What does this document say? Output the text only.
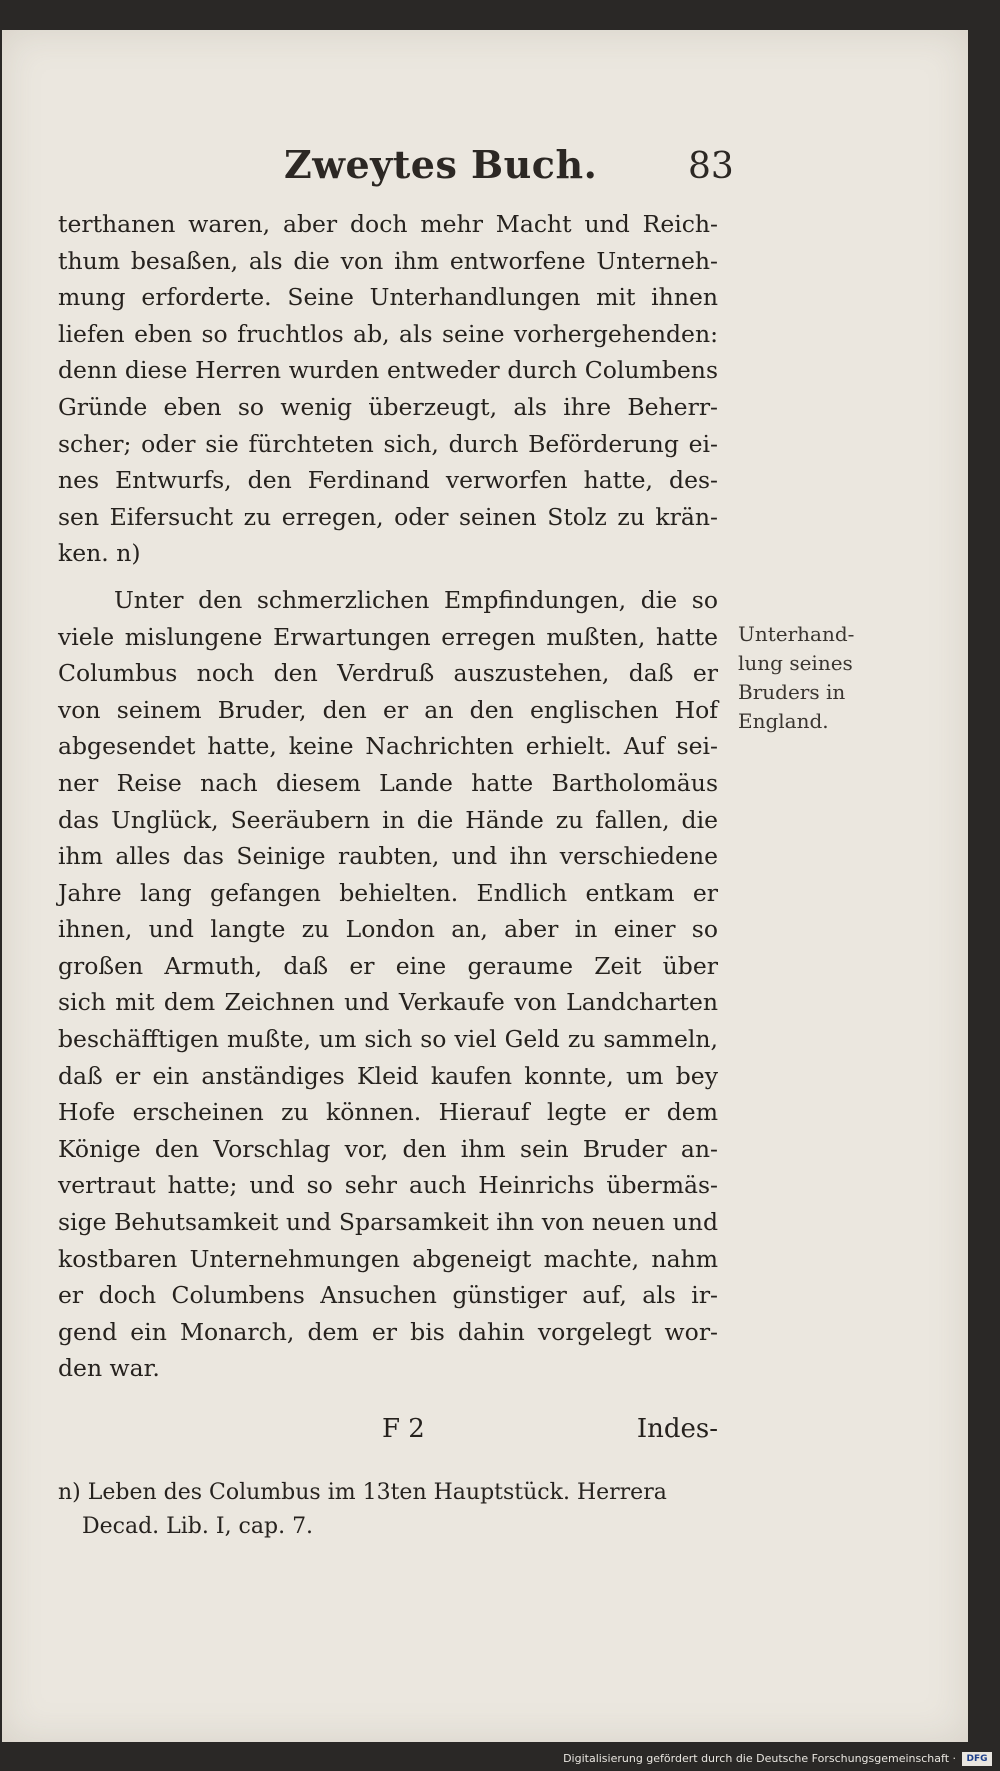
Zweytes Buch.	83
terthanen waren, aber doch mehr Macht und Reich-
thum besaßen, als die von ihm entworfene Unterneh-
mung erforderte. Seine Unterhandlungen mit ihnen
liefen eben so fruchtlos ab, als seine vorhergehenden:
denn diese Herren wurden entweder durch Columbens
Gründe eben so wenig überzeugt, als ihre Beherr-
scher; oder sie fürchteten sich, durch Beförderung ei-
nes Entwurfs, den Ferdinand verworfen hatte, des-
sen Eifersucht zu erregen, oder seinen Stolz zu krän-
ken. n)
Unter den schmerzlichen Empfindungen, die so
viele mislungene Erwartungen erregen mußten, hatte
Columbus noch den Verdruß auszustehen, daß er
von seinem Bruder, den er an den englischen Hof
abgesendet hatte, keine Nachrichten erhielt. Auf sei-
ner Reise nach diesem Lande hatte Bartholomäus
das Unglück, Seeräubern in die Hände zu fallen, die
ihm alles das Seinige raubten, und ihn verschiedene
Jahre lang gefangen behielten. Endlich entkam er
ihnen, und langte zu London an, aber in einer so
großen Armuth, daß er eine geraume Zeit über
sich mit dem Zeichnen und Verkaufe von Landcharten
beschäfftigen mußte, um sich so viel Geld zu sammeln,
daß er ein anständiges Kleid kaufen konnte, um bey
Hofe erscheinen zu können. Hierauf legte er dem
Könige den Vorschlag vor, den ihm sein Bruder an-
vertraut hatte; und so sehr auch Heinrichs übermäs-
sige Behutsamkeit und Sparsamkeit ihn von neuen und
kostbaren Unternehmungen abgeneigt machte, nahm
er doch Columbens Ansuchen günstiger auf, als ir-
gend ein Monarch, dem er bis dahin vorgelegt wor-
den war.
Unterhand-
lung seines
Bruders in
England.
F 2	Indes-
n) Leben des Columbus im 13ten Hauptstück. Herrera
Decad. Lib. I, cap. 7.
Digitalisierung gefördert durch die Deutsche Forschungsgemeinschaft ·	DFG
